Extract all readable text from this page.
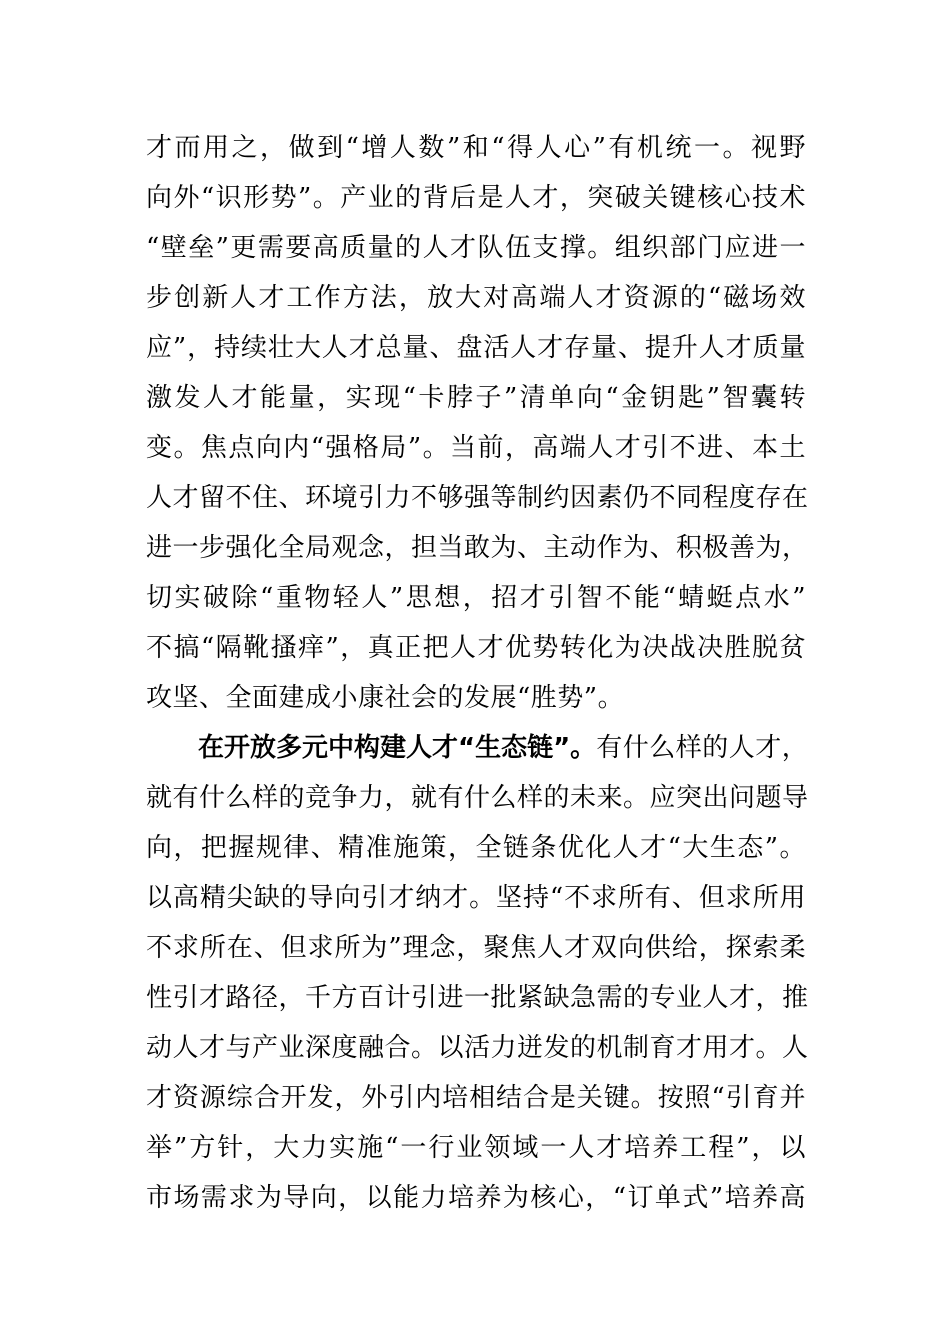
才而用之，做到“增人数”和“得人心”有机统一。视野
向外“识形势”。产业的背后是人才，突破关键核心技术
“壁垒”更需要高质量的人才队伍支撑。组织部门应进一
步创新人才工作方法，放大对高端人才资源的“磁场效
应”，持续壮大人才总量、盘活人才存量、提升人才质量
激发人才能量，实现“卡脖子”清单向“金钥匙”智囊转
变。焦点向内“强格局”。当前，高端人才引不进、本土
人才留不住、环境引力不够强等制约因素仍不同程度存在
进一步强化全局观念，担当敢为、主动作为、积极善为，
切实破除“重物轻人”思想，招才引智不能“蜻蜓点水”
不搞“隔靴搔痒”，真正把人才优势转化为决战决胜脱贫
攻坚、全面建成小康社会的发展“胜势”。
在开放多元中构建人才“生态链”。有什么样的人才，
就有什么样的竞争力，就有什么样的未来。应突出问题导
向，把握规律、精准施策，全链条优化人才“大生态”。
以高精尖缺的导向引才纳才。坚持“不求所有、但求所用
不求所在、但求所为”理念，聚焦人才双向供给，探索柔
性引才路径，千方百计引进一批紧缺急需的专业人才，推
动人才与产业深度融合。以活力迸发的机制育才用才。人
才资源综合开发，外引内培相结合是关键。按照“引育并
举”方针，大力实施“一行业领域一人才培养工程”，以
市场需求为导向，以能力培养为核心，“订单式”培养高
